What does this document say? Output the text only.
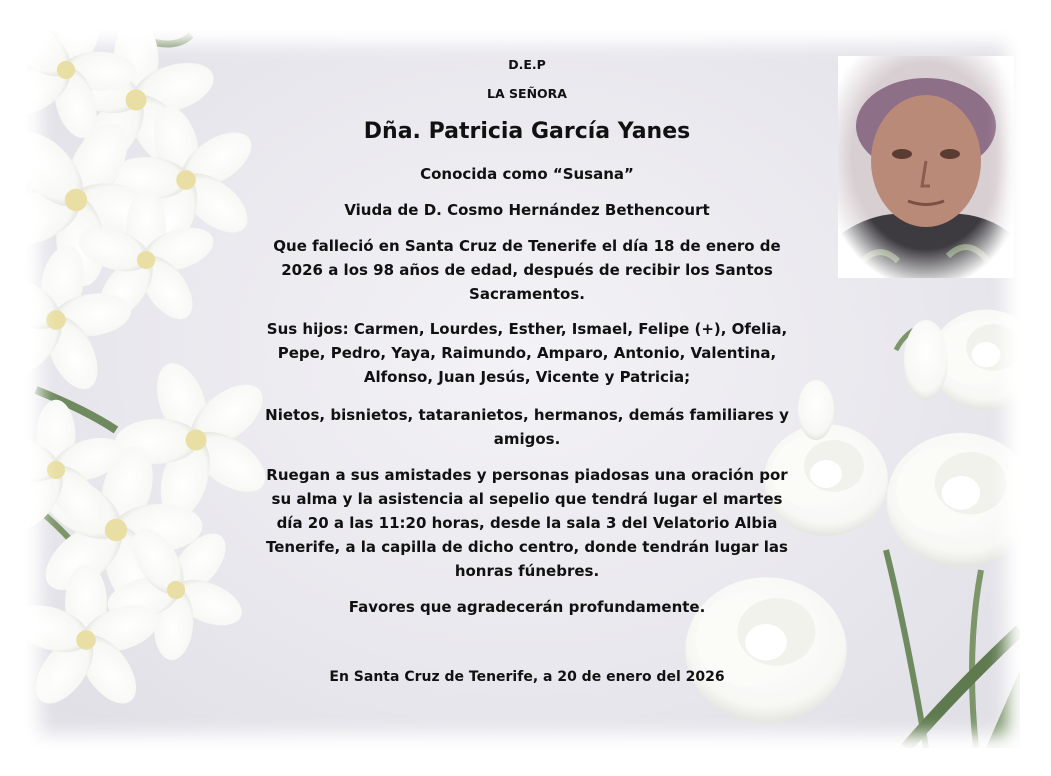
D.E.P
LA SEÑORA
Dña. Patricia García Yanes
Conocida como “Susana”
Viuda de D. Cosmo Hernández Bethencourt
Que falleció en Santa Cruz de Tenerife el día 18 de enero de
2026 a los 98 años de edad, después de recibir los Santos
Sacramentos.
Sus hijos: Carmen, Lourdes, Esther, Ismael, Felipe (+), Ofelia,
Pepe, Pedro, Yaya, Raimundo, Amparo, Antonio, Valentina,
Alfonso, Juan Jesús, Vicente y Patricia;
Nietos, bisnietos, tataranietos, hermanos, demás familiares y
amigos.
Ruegan a sus amistades y personas piadosas una oración por
su alma y la asistencia al sepelio que tendrá lugar el martes
día 20 a las 11:20 horas, desde la sala 3 del Velatorio Albia
Tenerife, a la capilla de dicho centro, donde tendrán lugar las
honras fúnebres.
Favores que agradecerán profundamente.
En Santa Cruz de Tenerife, a 20 de enero del 2026
